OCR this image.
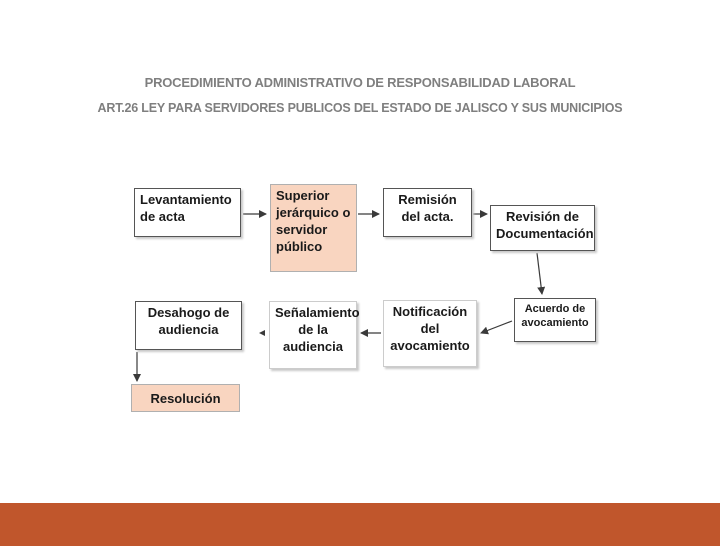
PROCEDIMIENTO ADMINISTRATIVO DE RESPONSABILIDAD LABORAL
ART.26 LEY PARA SERVIDORES PUBLICOS DEL ESTADO DE JALISCO Y SUS MUNICIPIOS
Levantamiento de acta
Superior jerárquico o servidor público
Remisión del acta.	Revisión de Documentación
Acuerdo de avocamiento
Notificación del avocamiento
Señalamiento de la audiencia
Desahogo de audiencia
Resolución
